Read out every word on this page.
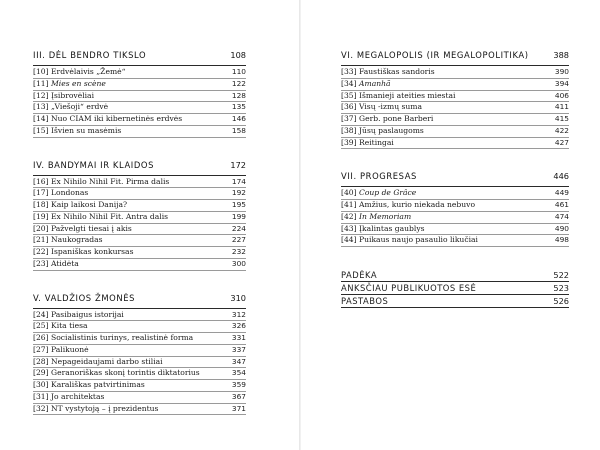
III. DĖL BENDRO TIKSLO	108
[10] Erdvėlaivis „Žemė“	110
[11] Mies en scène	122
[12] Įsibrovėliai	128
[13] „Viešoji“ erdvė	135
[14] Nuo CIAM iki kibernetinės erdvės	146
[15] Išvien su masėmis	158
IV. BANDYMAI IR KLAIDOS	172
[16] Ex Nihilo Nihil Fit. Pirma dalis	174
[17] Londonas	192
[18] Kaip laikosi Danija?	195
[19] Ex Nihilo Nihil Fit. Antra dalis	199
[20] Pažvelgti tiesai į akis	224
[21] Naukogradas	227
[22] Ispaniškas konkursas	232
[23] Atidėta	300
V. VALDŽIOS ŽMONĖS	310
[24] Pasibaigus istorijai	312
[25] Kita tiesa	326
[26] Socialistinis turinys, realistinė forma	331
[27] Palikuonė	337
[28] Nepageidaujami darbo stiliai	347
[29] Geranoriškas skonį torintis diktatorius	354
[30] Karališkas patvirtinimas	359
[31] Jo architektas	367
[32] NT vystytoją – į prezidentus	371
VI. MEGALOPOLIS (IR MEGALOPOLITIKA)	388
[33] Faustiškas sandoris	390
[34] Amanhã	394
[35] Išmanieji ateities miestai	406
[36] Visų -izmų suma	411
[37] Gerb. pone Barberi	415
[38] Jūsų paslaugoms	422
[39] Reitingai	427
VII. PROGRESAS	446
[40] Coup de Grâce	449
[41] Amžius, kurio niekada nebuvo	461
[42] In Memoriam	474
[43] Įkalintas gaublys	490
[44] Puikaus naujo pasaulio likučiai	498
PADĖKA	522
ANKSČIAU PUBLIKUOTOS ESĖ	523
PASTABOS	526
